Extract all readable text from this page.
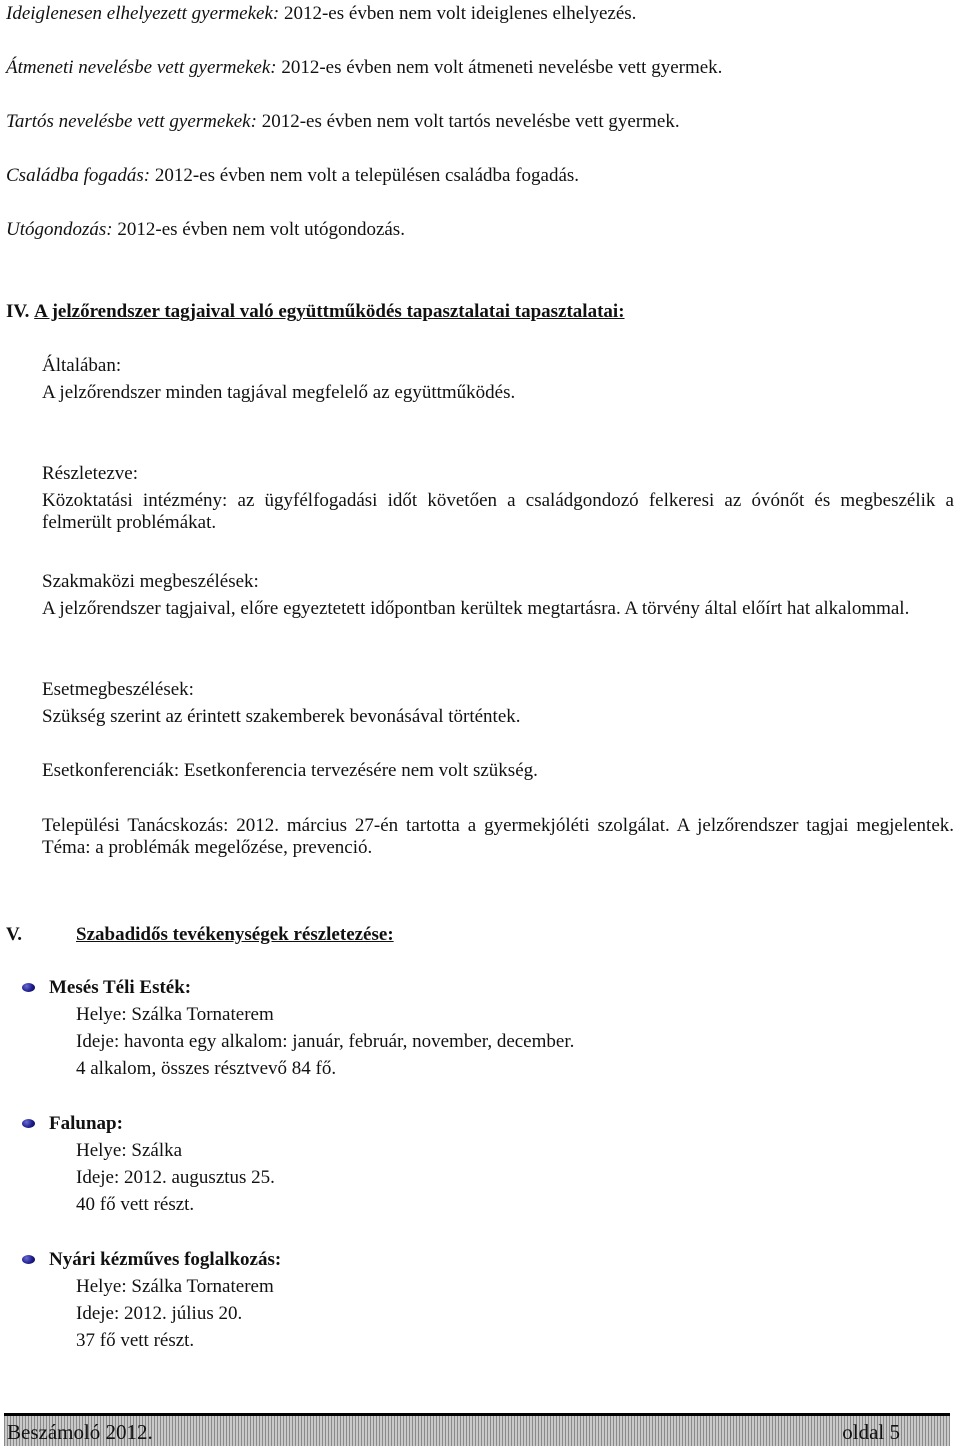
Ideiglenesen elhelyezett gyermekek: 2012-es évben nem volt ideiglenes elhelyezés.
Átmeneti nevelésbe vett gyermekek: 2012-es évben nem volt átmeneti nevelésbe vett gyermek.
Tartós nevelésbe vett gyermekek: 2012-es évben nem volt tartós nevelésbe vett gyermek.
Családba fogadás: 2012-es évben nem volt a településen családba fogadás.
Utógondozás: 2012-es évben nem volt utógondozás.
IV. A jelzőrendszer tagjaival való együttműködés tapasztalatai tapasztalatai:
Általában:
A jelzőrendszer minden tagjával megfelelő az együttműködés.
Részletezve:
Közoktatási intézmény: az ügyfélfogadási időt követően a családgondozó felkeresi az óvónőt és megbeszélik a felmerült problémákat.
Szakmaközi megbeszélések:
A jelzőrendszer tagjaival, előre egyeztetett időpontban kerültek megtartásra. A törvény által előírt hat alkalommal.
Esetmegbeszélések:
Szükség szerint az érintett szakemberek bevonásával történtek.
Esetkonferenciák: Esetkonferencia tervezésére nem volt szükség.
Települési Tanácskozás: 2012. március 27-én tartotta a gyermekjóléti szolgálat. A jelzőrendszer tagjai megjelentek. Téma: a problémák megelőzése, prevenció.
V.	Szabadidős tevékenységek részletezése:
Mesés Téli Esték:
Helye: Szálka Tornaterem
Ideje: havonta egy alkalom: január, február, november, december.
4 alkalom, összes résztvevő 84 fő.
Falunap:
Helye: Szálka
Ideje: 2012. augusztus 25.
40 fő vett részt.
Nyári kézműves foglalkozás:
Helye: Szálka Tornaterem
Ideje: 2012. július 20.
37 fő vett részt.
Beszámoló 2012.	oldal 5
